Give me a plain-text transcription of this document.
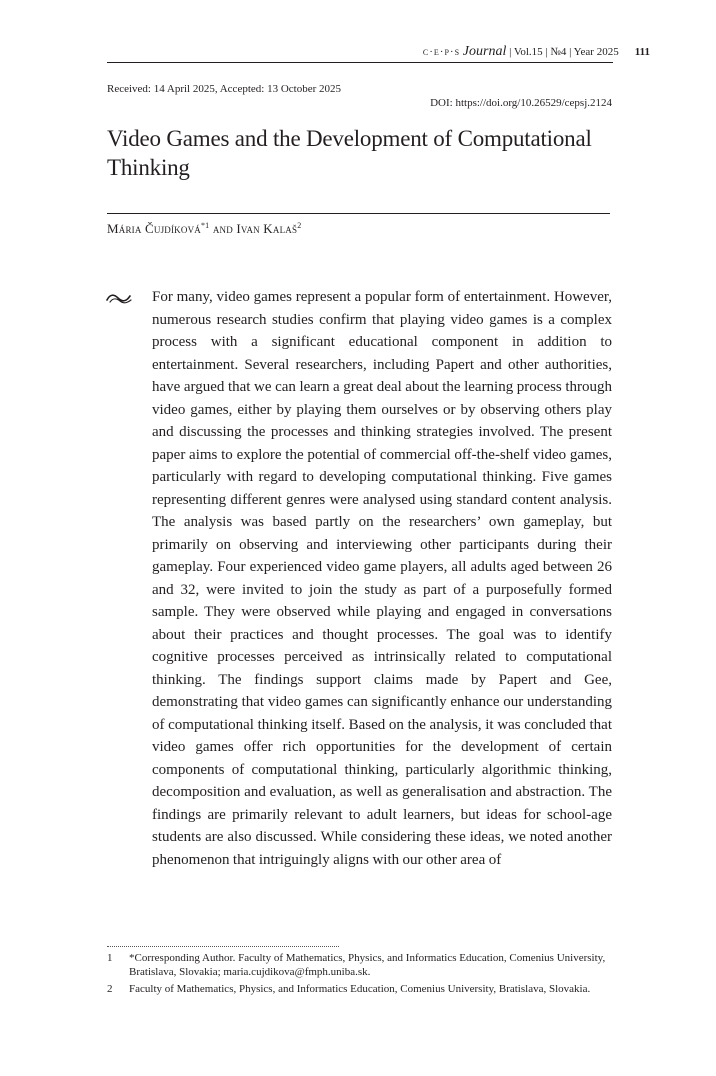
c·e·p·s Journal | Vol.15 | №4 | Year 2025 111
Received: 14 April 2025, Accepted: 13 October 2025
DOI: https://doi.org/10.26529/cepsj.2124
Video Games and the Development of Computational Thinking
Mária Čujdíková$^{*1}$ and Ivan Kalaš$^2$

For many, video games represent a popular form of entertainment. However, numerous research studies confirm that playing video games is a complex process with a significant educational component in addition to entertainment. Several researchers, including Papert and other authorities, have argued that we can learn a great deal about the learning process through video games, either by playing them ourselves or by observing others play and discussing the processes and thinking strategies involved. The present paper aims to explore the potential of commercial off-the-shelf video games, particularly with regard to developing computational thinking. Five games representing different genres were analysed using standard content analysis. The analysis was based partly on the researchers’ own gameplay, but primarily on observing and interviewing other participants during their gameplay. Four experienced video game players, all adults aged between 26 and 32, were invited to join the study as part of a purposefully formed sample. They were observed while playing and engaged in conversations about their practices and thought processes. The goal was to identify cognitive processes perceived as intrinsically related to computational thinking. The findings support claims made by Papert and Gee, demonstrating that video games can significantly enhance our understanding of computational thinking itself. Based on the analysis, it was concluded that video games offer rich opportunities for the development of certain components of computational thinking, particularly algorithmic thinking, decomposition and evaluation, as well as generalisation and abstraction. The findings are primarily relevant to adult learners, but ideas for school-age students are also discussed. While considering these ideas, we noted another phenomenon that intriguingly aligns with our other area of

1 *Corresponding Author. Faculty of Mathematics, Physics, and Informatics Education, Comenius University, Bratislava, Slovakia; maria.cujdikova@fmph.uniba.sk.
2 Faculty of Mathematics, Physics, and Informatics Education, Comenius University, Bratislava, Slovakia.
